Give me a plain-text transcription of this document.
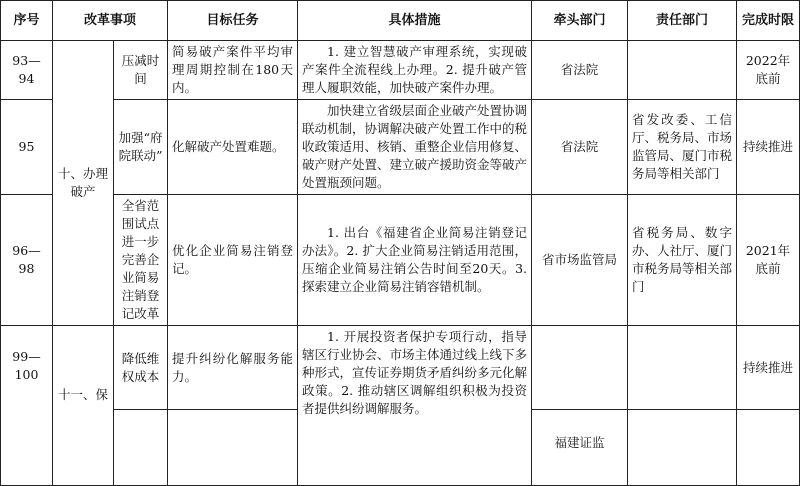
序号	改革事项		目标任务	具体措施	牵头部门	责任部门	完成时限
93—94	十、办理破产	压减时间	简易破产案件平均审理周期控制在180天内。	1. 建立智慧破产审理系统，实现破产案件全流程线上办理。2. 提升破产管理人履职效能，加快破产案件办理。	省法院		2022年底前
95		加强“府院联动”	化解破产处置难题。	加快建立省级层面企业破产处置协调联动机制，协调解决破产处置工作中的税收政策适用、核销、重整企业信用修复、破产财产处置、建立破产援助资金等破产处置瓶颈问题。	省法院	省发改委、工信厅、税务局、市场监管局、厦门市税务局等相关部门	持续推进
96—98		全省范围试点进一步完善企业简易注销登记改革	优化企业简易注销登记。	1. 出台《福建省企业简易注销登记办法》。2. 扩大企业简易注销适用范围，压缩企业简易注销公告时间至20天。3. 探索建立企业简易注销容错机制。	省市场监管局	省税务局、数字办、人社厅、厦门市税务局等相关部门	2021年底前
99—100	十一、保	降低维权成本	提升纠纷化解服务能力。	1. 开展投资者保护专项行动，指导辖区行业协会、市场主体通过线上线下多种形式，宣传证券期货矛盾纠纷多元化解政策。2. 推动辖区调解组织积极为投资者提供纠纷调解服务。			持续推进
					福建证监		
